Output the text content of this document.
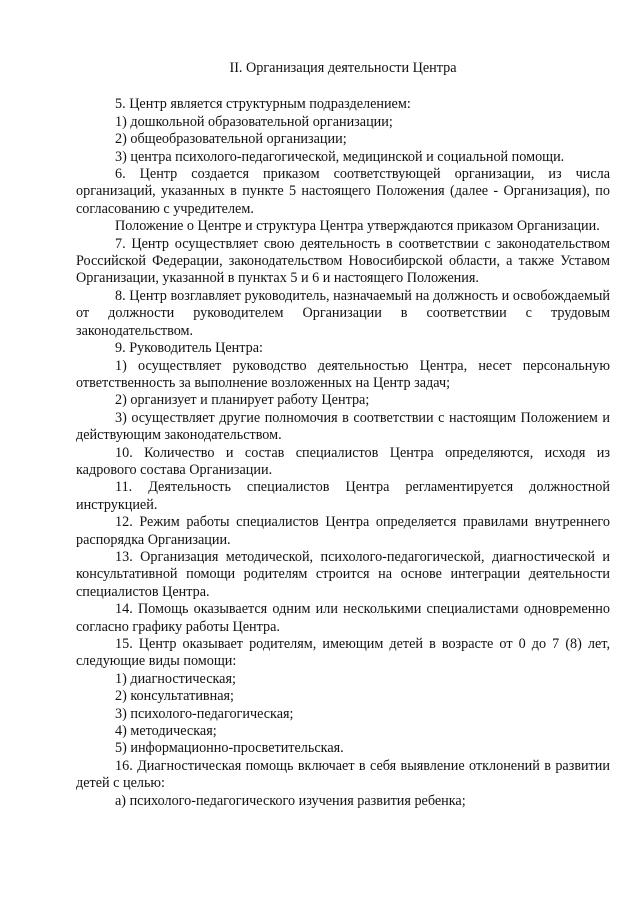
II. Организация деятельности Центра

5. Центр является структурным подразделением:

1) дошкольной образовательной организации;

2) общеобразовательной организации;

3) центра психолого-педагогической, медицинской и социальной помощи.

6. Центр создается приказом соответствующей организации, из числа организаций, указанных в пункте 5 настоящего Положения (далее - Организация), по согласованию с учредителем.

Положение о Центре и структура Центра утверждаются приказом Организации.

7. Центр осуществляет свою деятельность в соответствии с законодательством Российской Федерации, законодательством Новосибирской области, а также Уставом Организации, указанной в пунктах 5 и 6 и настоящего Положения.

8. Центр возглавляет руководитель, назначаемый на должность и освобождаемый от должности руководителем Организации в соответствии с трудовым законодательством.

9. Руководитель Центра:

1) осуществляет руководство деятельностью Центра, несет персональную ответственность за выполнение возложенных на Центр задач;

2) организует и планирует работу Центра;

3) осуществляет другие полномочия в соответствии с настоящим Положением и действующим законодательством.

10. Количество и состав специалистов Центра определяются, исходя из кадрового состава Организации.

11. Деятельность специалистов Центра регламентируется должностной инструкцией.

12. Режим работы специалистов Центра определяется правилами внутреннего распорядка Организации.

13. Организация методической, психолого-педагогической, диагностической и консультативной помощи родителям строится на основе интеграции деятельности специалистов Центра.

14. Помощь оказывается одним или несколькими специалистами одновременно согласно графику работы Центра.

15. Центр оказывает родителям, имеющим детей в возрасте от 0 до 7 (8) лет, следующие виды помощи:

1) диагностическая;

2) консультативная;

3) психолого-педагогическая;

4) методическая;

5) информационно-просветительская.

16. Диагностическая помощь включает в себя выявление отклонений в развитии детей с целью:

а) психолого-педагогического изучения развития ребенка;
